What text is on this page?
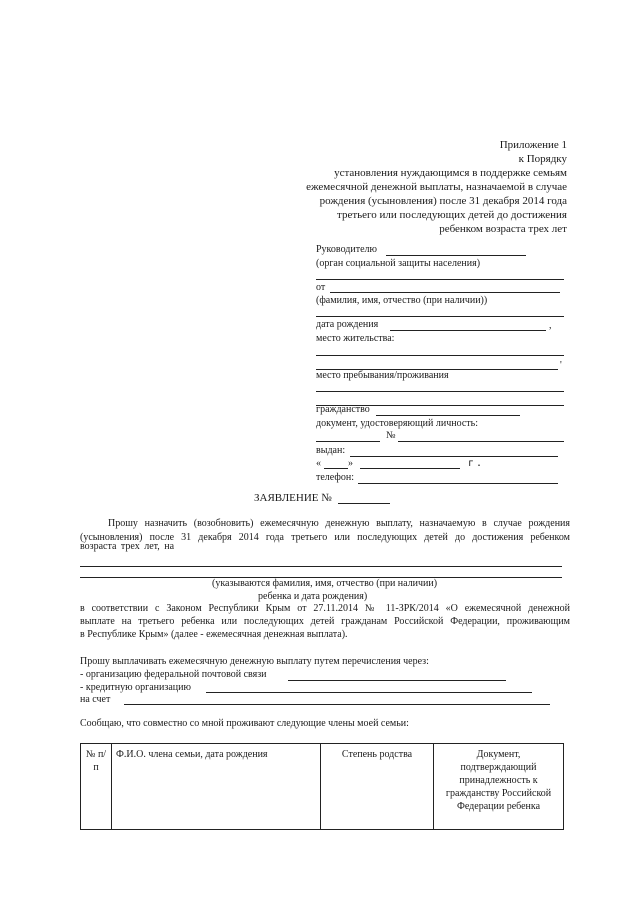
Приложение 1
к Порядку
установления нуждающимся в поддержке семьям
ежемесячной денежной выплаты, назначаемой в случае
рождения (усыновления) после 31 декабря 2014 года
третьего или последующих детей до достижения
ребенком возраста трех лет
Руководителю
(орган социальной защиты населения)
от
(фамилия, имя, отчество (при наличии))
дата рождения	,
место жительства:
'
место пребывания/проживания
гражданство
документ, удостоверяющий личность:
№
выдан:
«	»	г.
телефон:
ЗАЯВЛЕНИЕ №
Прошу назначить (возобновить) ежемесячную денежную выплату, назначаемую в случае рождения
(усыновления) после 31 декабря 2014 года третьего или последующих детей до достижения ребенком
возраста трех лет, на
(указываются фамилия, имя, отчество (при наличии)
ребенка и дата рождения)
в соответствии с Законом Республики Крым от 27.11.2014 № 11-ЗРК/2014 «О ежемесячной денежной
выплате на третьего ребенка или последующих детей гражданам Российской Федерации, проживающим
в Республике Крым» (далее - ежемесячная денежная выплата).
Прошу выплачивать ежемесячную денежную выплату путем перечисления через:
- организацию федеральной почтовой связи
- кредитную организацию
на счет
Сообщаю, что совместно со мной проживают следующие члены моей семьи:
№ п/п	Ф.И.О. члена семьи, дата рождения	Степень родства	Документ, подтверждающий принадлежность к гражданству Российской Федерации ребенка
